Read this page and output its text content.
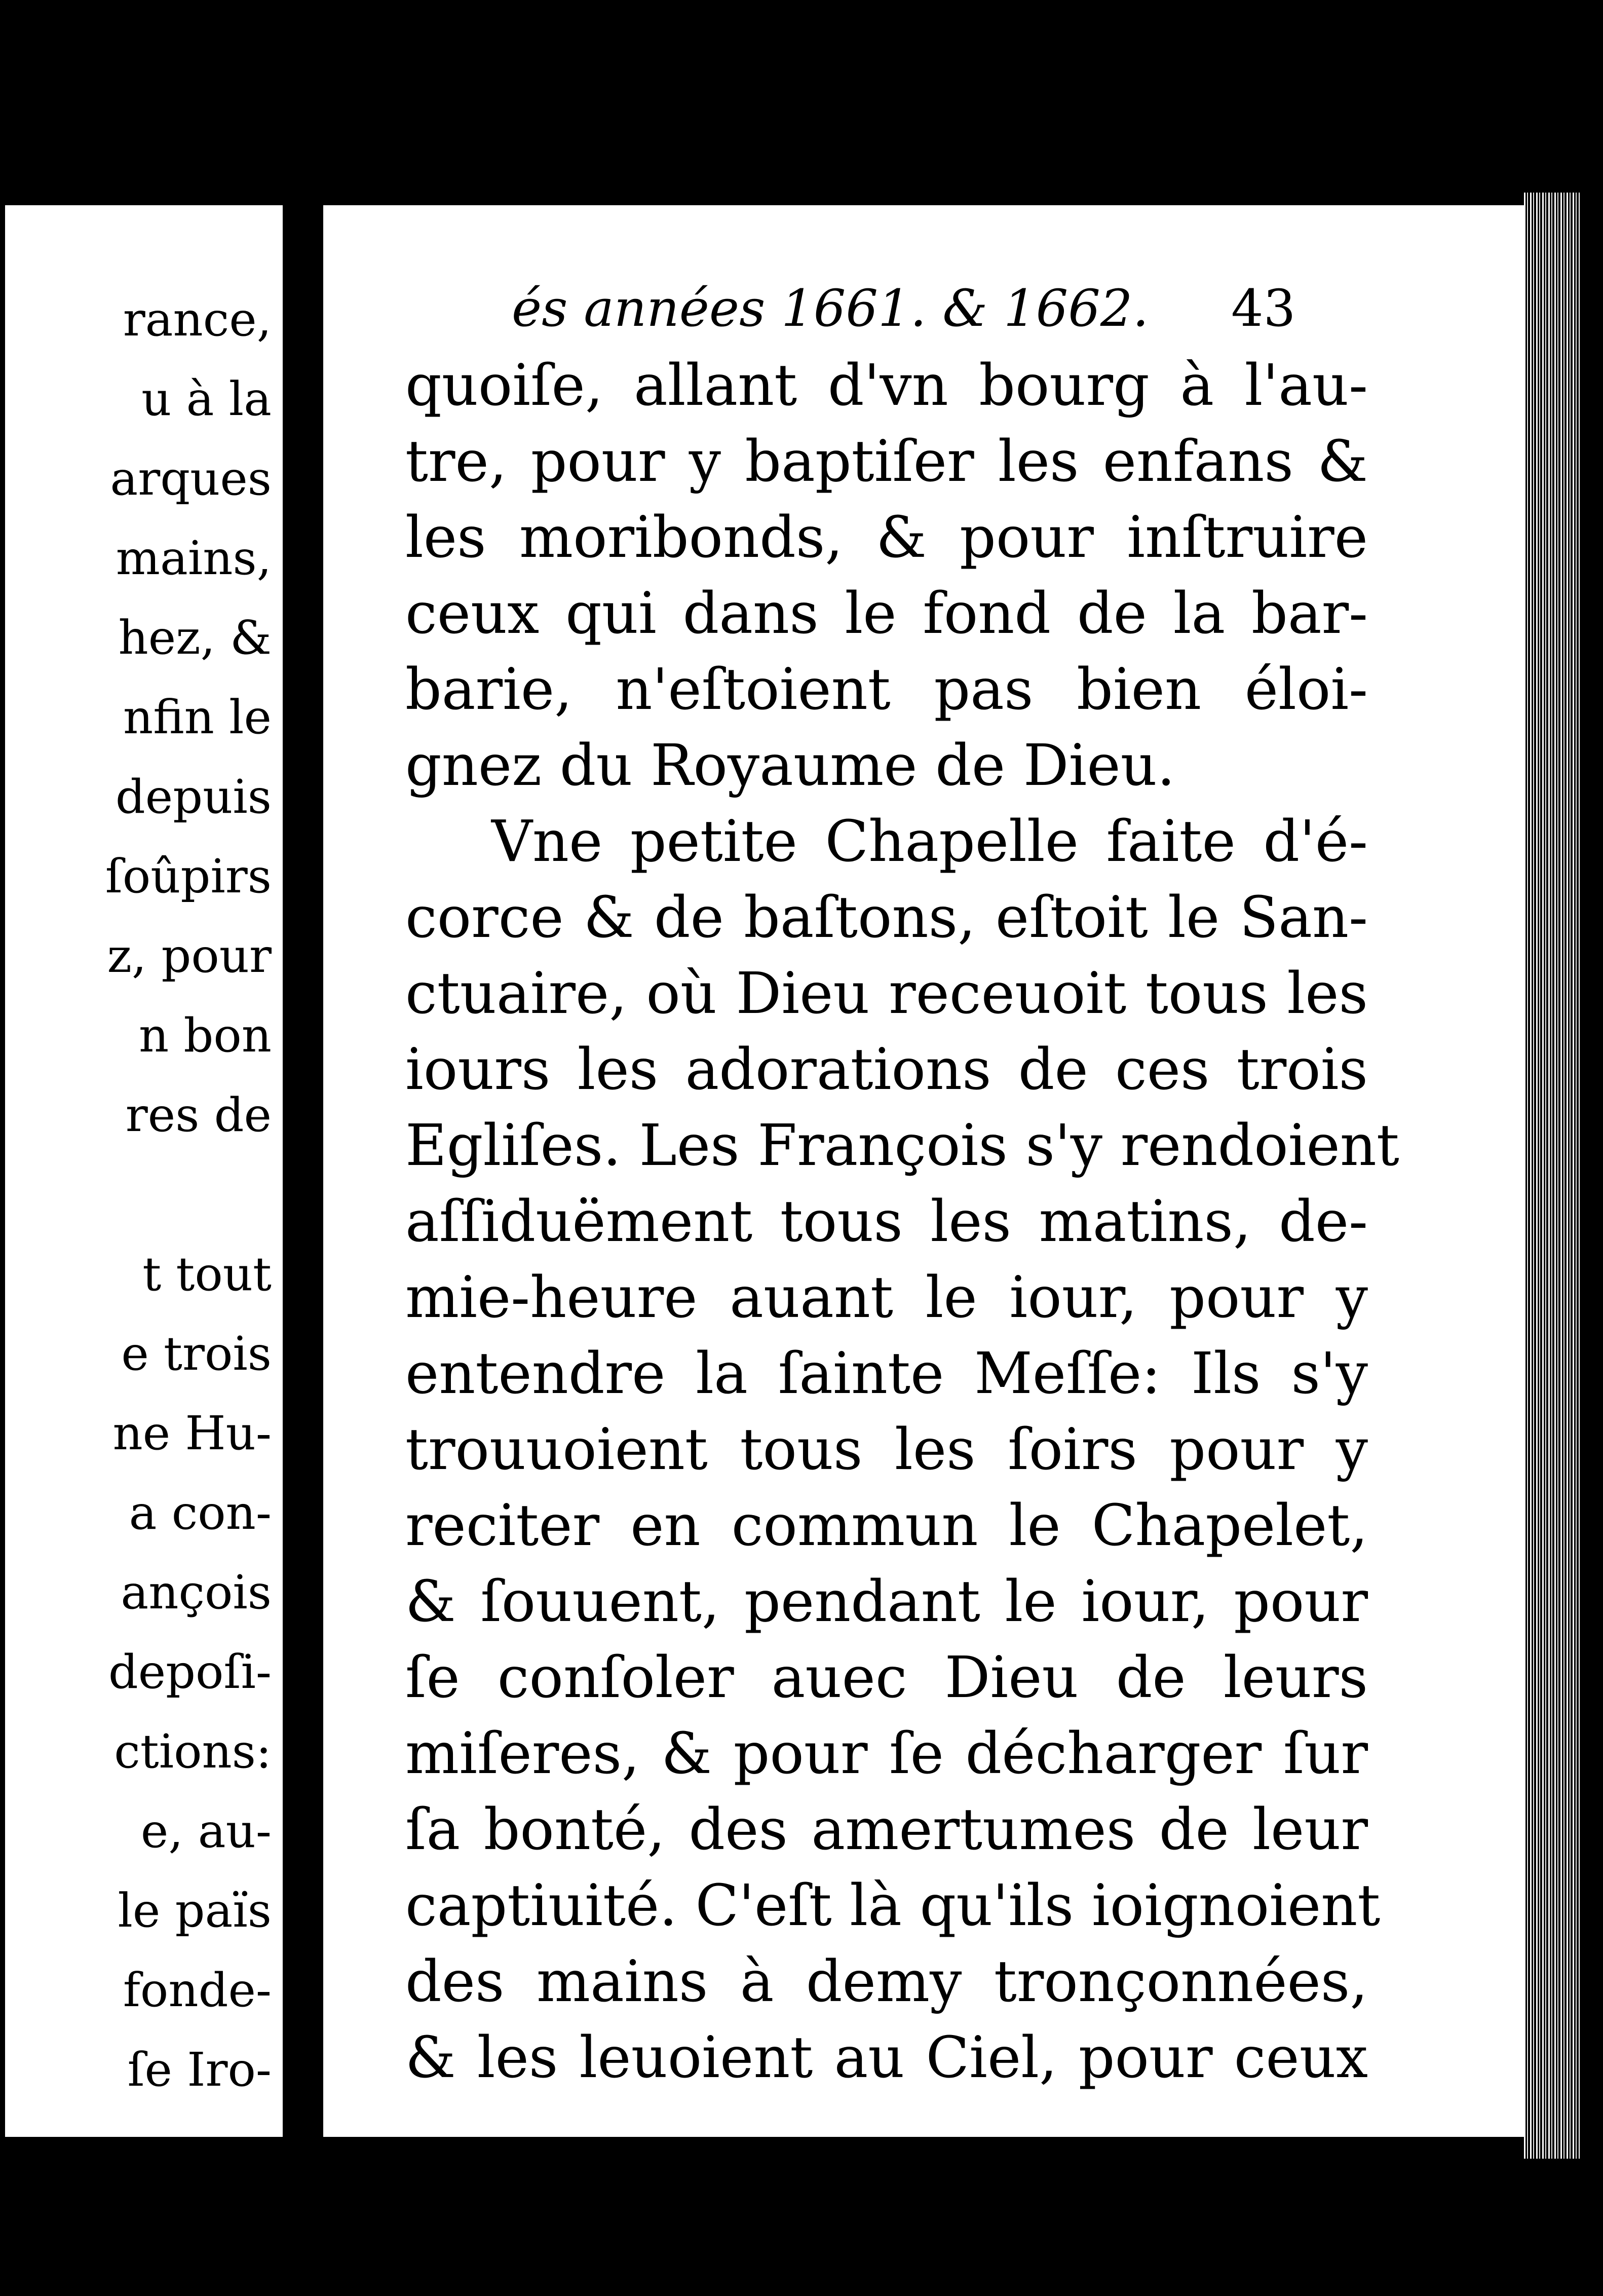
rance,
u à la
arques
mains,
hez, &
nfin le
depuis
ſoûpirs
z, pour
n bon
res de
t tout
e trois
ne Hu-
a con-
ançois
depoſi-
ctions:
e, au-
le païs
fonde-
ſe Iro-
és années 1661. & 1662. 43
quoiſe, allant d'vn bourg à l'au-
tre, pour y baptiſer les enfans &
les moribonds, & pour inſtruire
ceux qui dans le fond de la bar-
barie, n'eſtoient pas bien éloi-
gnez du Royaume de Dieu.
Vne petite Chapelle faite d'é-
corce & de baſtons, eſtoit le San-
ctuaire, où Dieu receuoit tous les
iours les adorations de ces trois
Egliſes. Les François s'y rendoient
aſſiduëment tous les matins, de-
mie-heure auant le iour, pour y
entendre la ſainte Meſſe: Ils s'y
trouuoient tous les ſoirs pour y
reciter en commun le Chapelet,
& ſouuent, pendant le iour, pour
ſe conſoler auec Dieu de leurs
miſeres, & pour ſe décharger ſur
ſa bonté, des amertumes de leur
captiuité. C'eſt là qu'ils ioignoient
des mains à demy tronçonnées,
& les leuoient au Ciel, pour ceux
